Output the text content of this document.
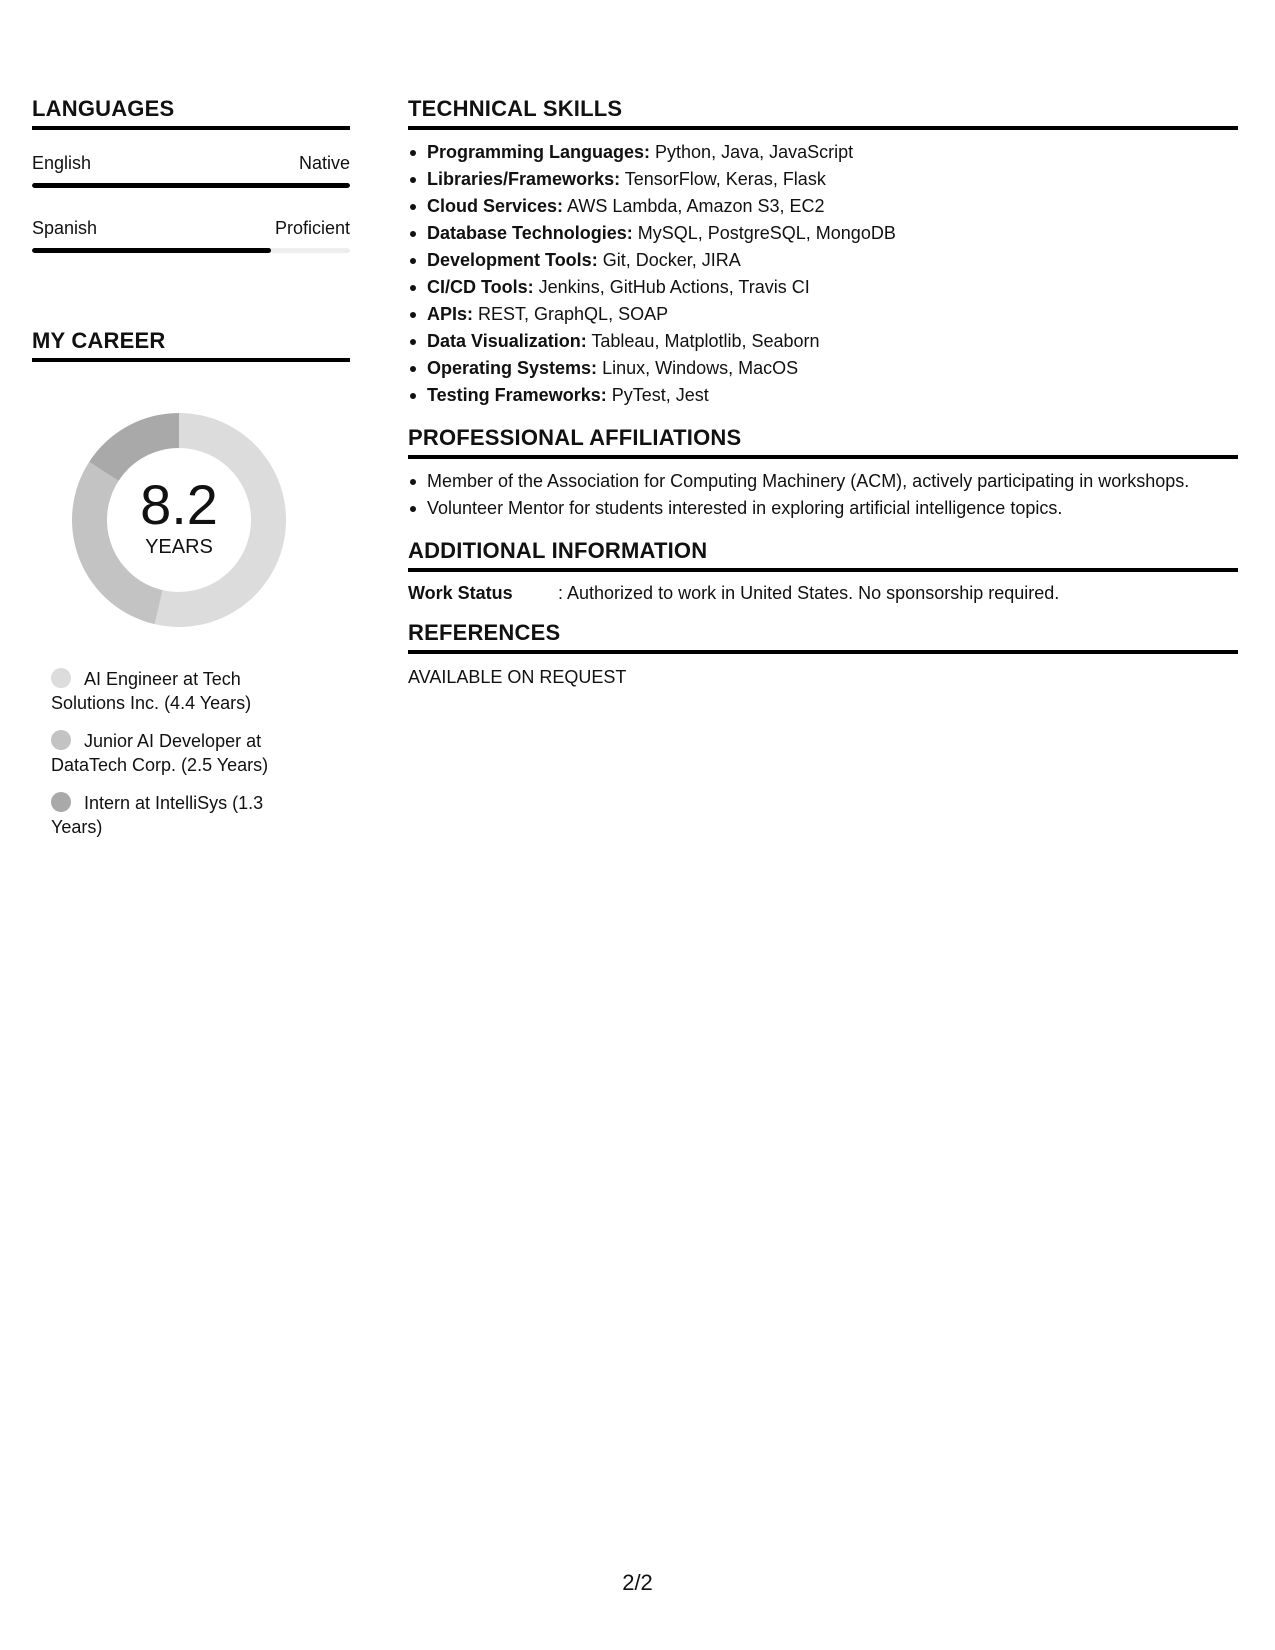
LANGUAGES
English	Native
Spanish	Proficient
MY CAREER
8.2
YEARS
AI Engineer at Tech Solutions Inc. (4.4 Years)
Junior AI Developer at DataTech Corp. (2.5 Years)
Intern at IntelliSys (1.3 Years)
TECHNICAL SKILLS
Programming Languages: Python, Java, JavaScript
Libraries/Frameworks: TensorFlow, Keras, Flask
Cloud Services: AWS Lambda, Amazon S3, EC2
Database Technologies: MySQL, PostgreSQL, MongoDB
Development Tools: Git, Docker, JIRA
CI/CD Tools: Jenkins, GitHub Actions, Travis CI
APIs: REST, GraphQL, SOAP
Data Visualization: Tableau, Matplotlib, Seaborn
Operating Systems: Linux, Windows, MacOS
Testing Frameworks: PyTest, Jest
PROFESSIONAL AFFILIATIONS
Member of the Association for Computing Machinery (ACM), actively participating in workshops.
Volunteer Mentor for students interested in exploring artificial intelligence topics.
ADDITIONAL INFORMATION
Work Status	: Authorized to work in United States. No sponsorship required.
REFERENCES
AVAILABLE ON REQUEST
2/2
